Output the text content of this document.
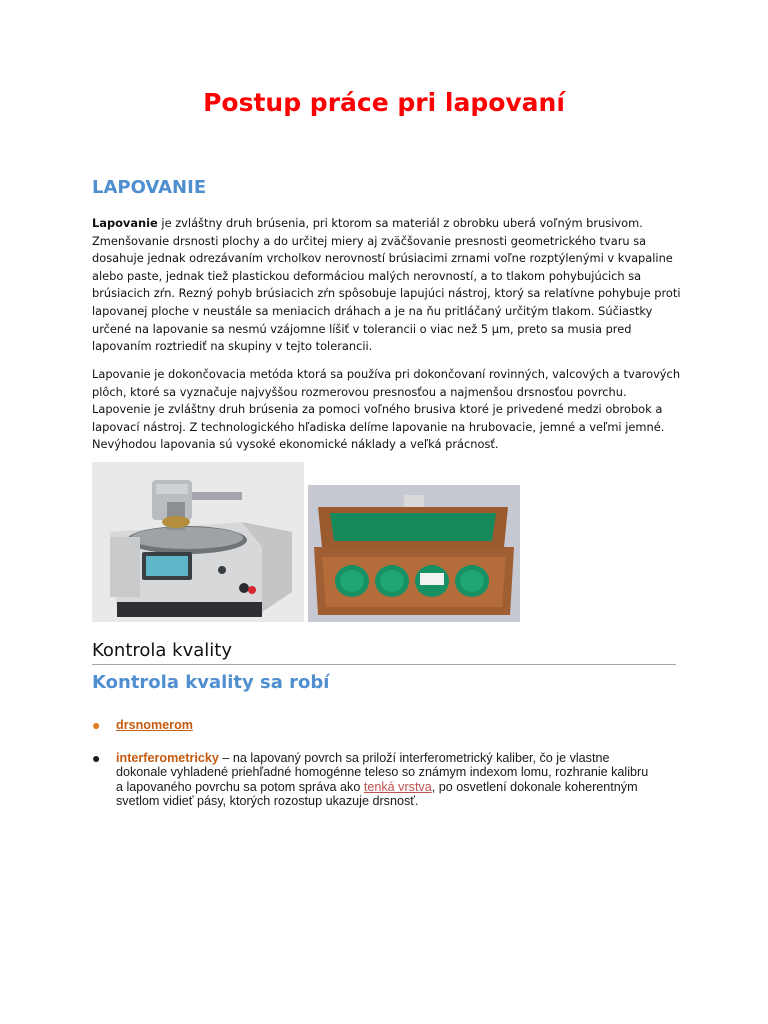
Postup práce pri lapovaní
LAPOVANIE

Lapovanie je zvláštny druh brúsenia, pri ktorom sa materiál z obrobku uberá voľným brusivom. Zmenšovanie drsnosti plochy a do určitej miery aj zväčšovanie presnosti geometrického tvaru sa dosahuje jednak odrezávaním vrcholkov nerovností brúsiacimi zrnami voľne rozptýlenými v kvapaline alebo paste, jednak tiež plastickou deformáciou malých nerovností, a to tlakom pohybujúcich sa brúsiacich zŕn. Rezný pohyb brúsiacich zŕn spôsobuje lapujúci nástroj, ktorý sa relatívne pohybuje proti lapovanej ploche v neustále sa meniacich dráhach a je na ňu pritláčaný určitým tlakom. Súčiastky určené na lapovanie sa nesmú vzájomne líšiť v tolerancii o viac než 5 µm, preto sa musia pred lapovaním roztriediť na skupiny v tejto tolerancii.

Lapovanie je dokončovacia metóda ktorá sa používa pri dokončovaní rovinných, valcových a tvarových plôch, ktoré sa vyznačuje najvyššou rozmerovou presnosťou a najmenšou drsnosťou povrchu. Lapovenie je zvláštny druh brúsenia za pomoci voľného brusiva ktoré je privedené medzi obrobok a lapovací nástroj. Z technologického hľadiska delíme lapovanie na hrubovacie, jemné a veľmi jemné. Nevýhodou lapovania sú vysoké ekonomické náklady a veľká prácnosť.

Kontrola kvality
Kontrola kvality sa robí
● drsnomerom
● interferometricky – na lapovaný povrch sa priloží interferometrický kaliber, čo je vlastne dokonale vyhladené priehľadné homogénne teleso so známym indexom lomu, rozhranie kalibru a lapovaného povrchu sa potom správa ako tenká vrstva, po osvetlení dokonale koherentným svetlom vidieť pásy, ktorých rozostup ukazuje drsnosť.
